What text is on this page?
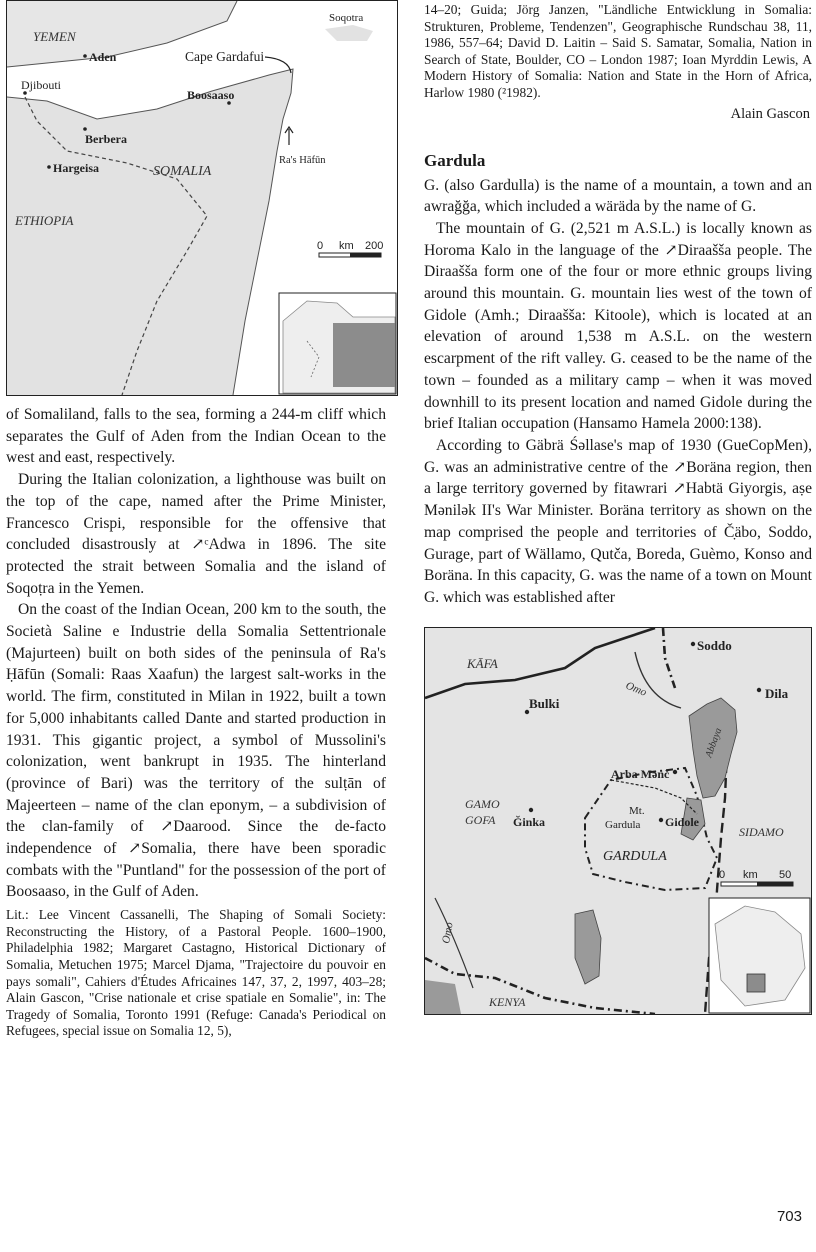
YEMEN
Aden
Soqotra
Cape Gardafui
Djibouti
Boosaaso
Berbera
Ra's Hāfūn
Hargeisa	SOMALIA
ETHIOPIA
0 km 200

of Somaliland, falls to the sea, forming a 244-m cliff which separates the Gulf of Aden from the Indian Ocean to the west and east, respectively.

During the Italian colonization, a lighthouse was built on the top of the cape, named after the Prime Minister, Francesco Crispi, responsible for the offensive that concluded disastrously at ↗ᶜAdwa in 1896. The site protected the strait between Somalia and the island of Soqoṭra in the Yemen.

On the coast of the Indian Ocean, 200 km to the south, the Società Saline e Industrie della Somalia Settentrionale (Majurteen) built on both sides of the peninsula of Ra's Ḥāfūn (Somali: Raas Xaafun) the largest salt-works in the world. The firm, constituted in Milan in 1922, built a town for 5,000 inhabitants called Dante and started production in 1931. This gigantic project, a symbol of Mussolini's colonization, went bankrupt in 1935. The hinterland (province of Bari) was the territory of the sulṭān of Majeerteen – name of the clan eponym, – a subdivision of the clan-family of ↗Daarood. Since the de-facto independence of ↗Somalia, there have been sporadic combats with the "Puntland" for the possession of the port of Boosaaso, in the Gulf of Aden.

Lit.: Lee Vincent Cassanelli, The Shaping of Somali Society: Reconstructing the History, of a Pastoral People. 1600–1900, Philadelphia 1982; Margaret Castagno, Historical Dictionary of Somalia, Metuchen 1975; Marcel Djama, "Trajectoire du pouvoir en pays somali", Cahiers d'Études Africaines 147, 37, 2, 1997, 403–28; Alain Gascon, "Crise nationale et crise spatiale en Somalie", in: The Tragedy of Somalia, Toronto 1991 (Refuge: Canada's Periodical on Refugees, special issue on Somalia 12, 5),

14–20; Guida; Jörg Janzen, "Ländliche Entwicklung in Somalia: Strukturen, Probleme, Tendenzen", Geographische Rundschau 38, 11, 1986, 557–64; David D. Laitin – Said S. Samatar, Somalia, Nation in Search of State, Boulder, CO – London 1987; Ioan Myrddin Lewis, A Modern History of Somalia: Nation and State in the Horn of Africa, Harlow 1980 (²1982).

Alain Gascon
Gardula

G. (also Gardulla) is the name of a mountain, a town and an awrağğa, which included a wäräda by the name of G.

The mountain of G. (2,521 m A.S.L.) is locally known as Horoma Kalo in the language of the ↗Diraašša people. The Diraašša form one of the four or more ethnic groups living around this mountain. G. mountain lies west of the town of Gidole (Amh.; Diraašša: Kitoole), which is located at an elevation of around 1,538 m A.S.L. on the western escarpment of the rift valley. G. ceased to be the name of the town – founded as a military camp – when it was moved downhill to its present location and named Gidole during the brief Italian occupation (Hansamo Hamela 2000:138).

According to Gäbrä Śəllase's map of 1930 (GueCopMen), G. was an administrative centre of the ↗Boräna region, then a large territory governed by fitawrari ↗Habtä Giyorgis, aṣe Mənilək II's War Minister. Boräna territory as shown on the map comprised the people and territories of Č̣äbo, Soddo, Gurage, part of Wällamo, Qutča, Boreda, Guèmo, Konso and Boräna. In this capacity, G. was the name of a town on Mount G. which was established after

KĀFA
Omo
Soddo
Abbaya
Dila
Bulki
Arba Mənč
GAMO
GOFA Ğinka
Mt.
Gardula Gidole
SIDAMO
GARDULA
Omo
KENYA
0 km 50
703
